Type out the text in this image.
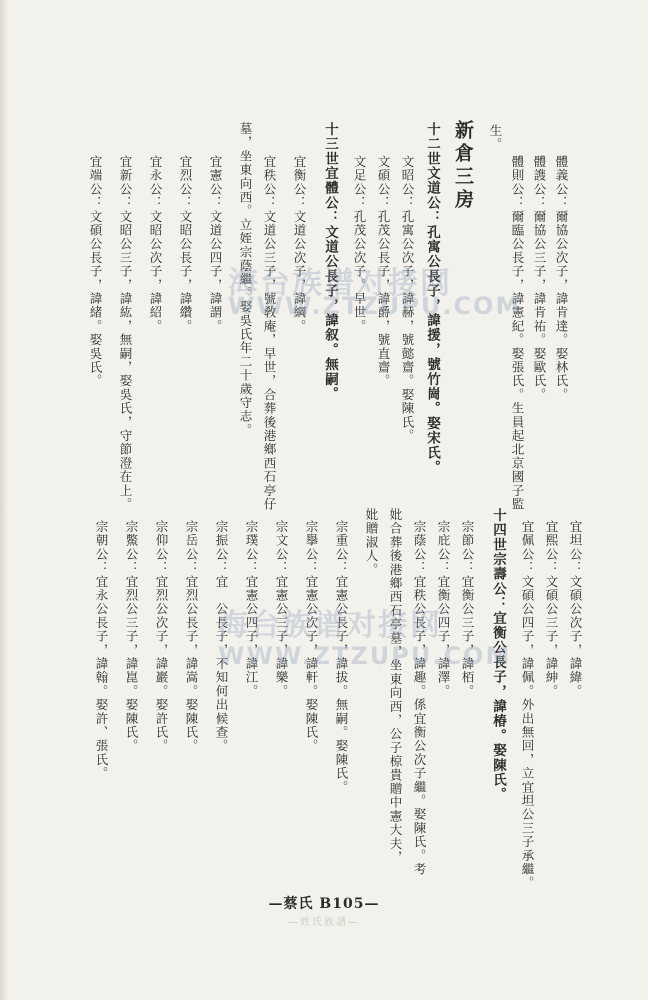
體義公：爾協公次子，諱肯達。娶林氏。
體謢公：爾協公三子，諱肯祐。娶歐氏。
體則公：爾臨公長子，諱憲紀。娶張氏。生員起北京國子監
生。
新倉三房
十二世文道公：孔寓公長子，諱援，號竹崗。娶宋氏。
文昭公：孔寓公次子，諱赫，號懿齋。娶陳氏。
文碩公：孔茂公長子，諱爵，號直齋。
文足公：孔茂公次子。早世。
十三世宜體公：文道公長子，諱叙。無嗣。
宜衡公：文道公次子，諱綱。
宜秩公：文道公三子，號敎庵，早世，合葬後港鄉西石亭仔
墓，坐東向西。立姪宗蔭繼。娶吳氏年二十歲守志。
宜憲公：文道公四子，諱謂。
宜烈公：文昭公長子，諱纘。
宜永公：文昭公次子，諱紹。
宜新公：文昭公三子，諱紘，無嗣，娶吳氏，守節澄在上。
宜端公：文碩公長子，諱緒。娶吳氏。
宜坦公：文碩公次子，諱緯。
宜熙公：文碩公三子，諱紳。
宜佩公：文碩公四子，諱佩。外出無回，立宜坦公三子承繼。
十四世宗壽公：宜衡公長子，諱椿。娶陳氏。
宗節公：宜衡公三子，諱栢。
宗庇公：宜衡公四子，諱澤。
宗蔭公：宜秩公長子，諱趣。係宜衡公次子繼。娶陳氏。考
妣合葬後港鄉西石亭墓，坐東向西，公子椋貴贈中憲大夫，
妣贈淑人。
宗重公：宜憲公長子，諱拔。無嗣。娶陳氏。
宗擧公：宜憲公次子，諱軒。娶陳氏。
宗文公：宜憲公三子，諱樂。
宗璞公：宜憲公四子，諱江。
宗振公：宜　公長子，不知何出候查。
宗岳公：宜烈公長子，諱嵩。娶陳氏。
宗仰公：宜烈公次子，諱巖。娶許氏。
宗鱉公：宜烈公三子，諱崑。娶陳氏。
宗朝公：宜永公長子，諱翰。娶許、張氏。
海台族谱对接网
WWW.ZTZUPU.COM
海台族谱对接网
WWW.ZTZUPU.COM
—蔡氏 B105—
—姓氏族譜—
